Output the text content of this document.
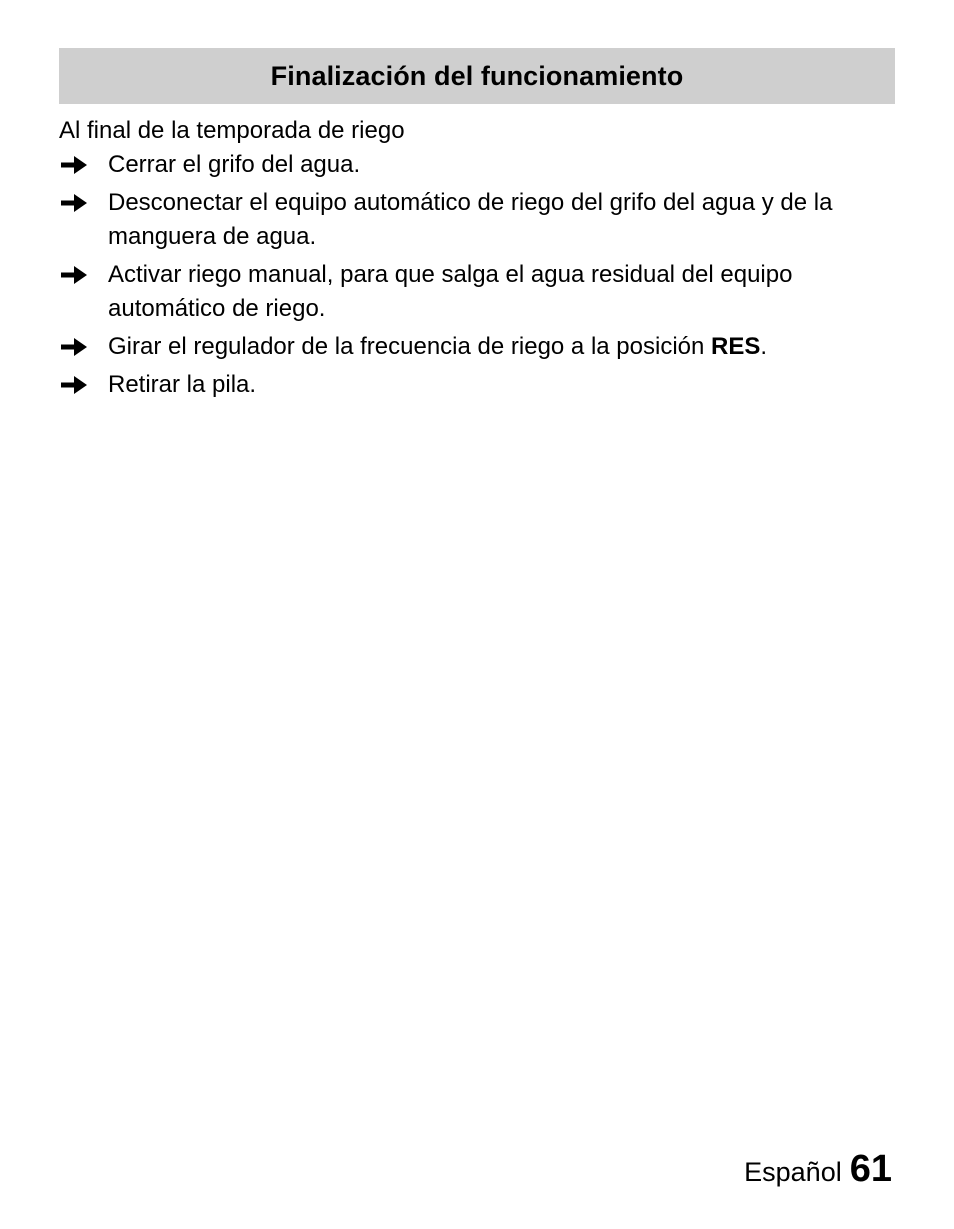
Finalización del funcionamiento

Al final de la temporada de riego

Cerrar el grifo del agua.
Desconectar el equipo automático de riego del grifo del agua y de la manguera de agua.
Activar riego manual, para que salga el agua residual del equipo automático de riego.
Girar el regulador de la frecuencia de riego a la posición RES.
Retirar la pila.
Español 61
